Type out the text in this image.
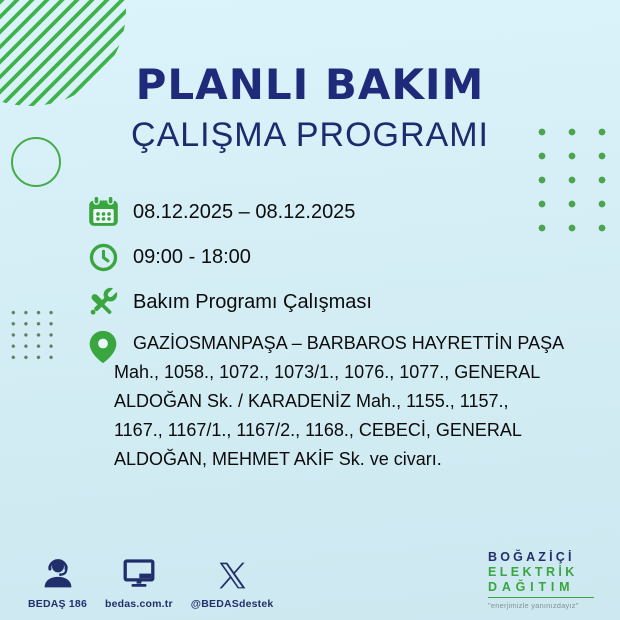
PLANLI BAKIM
ÇALIŞMA PROGRAMI
08.12.2025 – 08.12.2025
09:00 - 18:00
Bakım Programı Çalışması
GAZİOSMANPAŞA – BARBAROS HAYRETTİN PAŞA
Mah., 1058., 1072., 1073/1., 1076., 1077., GENERAL
ALDOĞAN Sk. / KARADENİZ Mah., 1155., 1157.,
1167., 1167/1., 1167/2., 1168., CEBECİ, GENERAL
ALDOĞAN, MEHMET AKİF Sk. ve civarı.
BEDAŞ 186 bedas.com.tr @BEDASdestek
BOĞAZİÇİ
ELEKTRİK
DAĞITIM
"enerjimizle yanınızdayız"
